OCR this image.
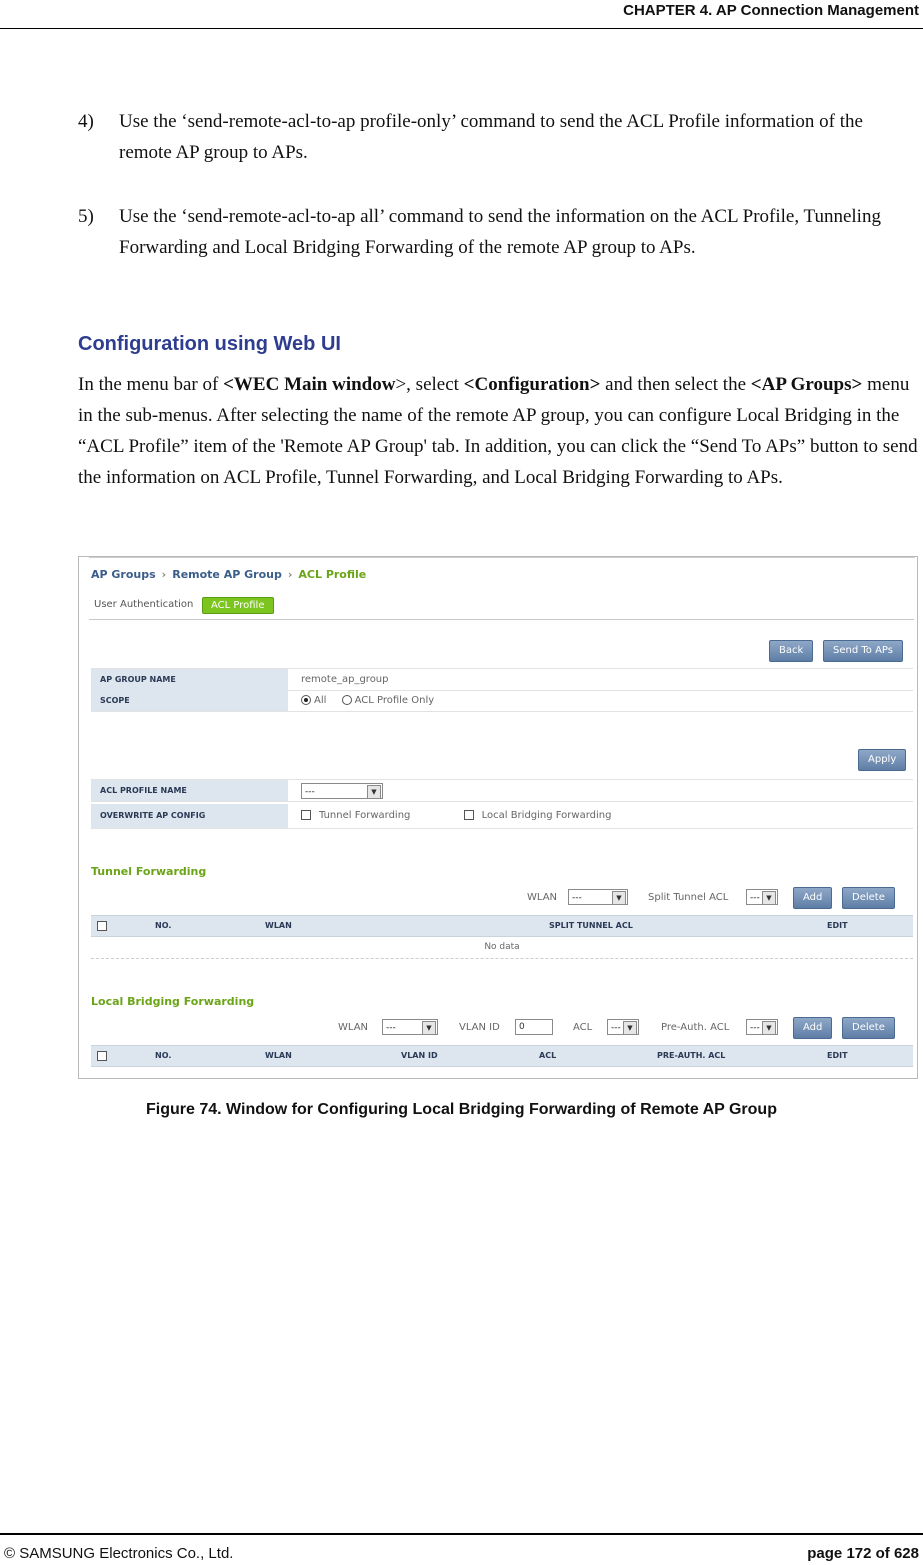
CHAPTER 4. AP Connection Management
4)	Use the ‘send-remote-acl-to-ap profile-only’ command to send the ACL Profile information of the remote AP group to APs.
5)	Use the ‘send-remote-acl-to-ap all’ command to send the information on the ACL Profile, Tunneling Forwarding and Local Bridging Forwarding of the remote AP group to APs.
Configuration using Web UI
In the menu bar of <WEC Main window>, select <Configuration> and then select the <AP Groups> menu in the sub-menus. After selecting the name of the remote AP group, you can configure Local Bridging in the “ACL Profile” item of the 'Remote AP Group' tab. In addition, you can click the “Send To APs” button to send the information on ACL Profile, Tunnel Forwarding, and Local Bridging Forwarding to APs.
AP Groups › Remote AP Group › ACL Profile
User Authentication	ACL Profile
Back	Send To APs
AP GROUP NAME	remote_ap_group
SCOPE	All	ACL Profile Only
Apply
ACL PROFILE NAME	---	▼
OVERWRITE AP CONFIG	Tunnel Forwarding	Local Bridging Forwarding
Tunnel Forwarding
WLAN	---	▼	Split Tunnel ACL	--- ▼	Add	Delete
NO.	WLAN	SPLIT TUNNEL ACL	EDIT
No data
Local Bridging Forwarding
WLAN	---	▼	VLAN ID	0	ACL	--- ▼	Pre-Auth. ACL	--- ▼	Add	Delete
NO.	WLAN	VLAN ID	ACL	PRE-AUTH. ACL	EDIT
Figure 74. Window for Configuring Local Bridging Forwarding of Remote AP Group
© SAMSUNG Electronics Co., Ltd.	page 172 of 628
